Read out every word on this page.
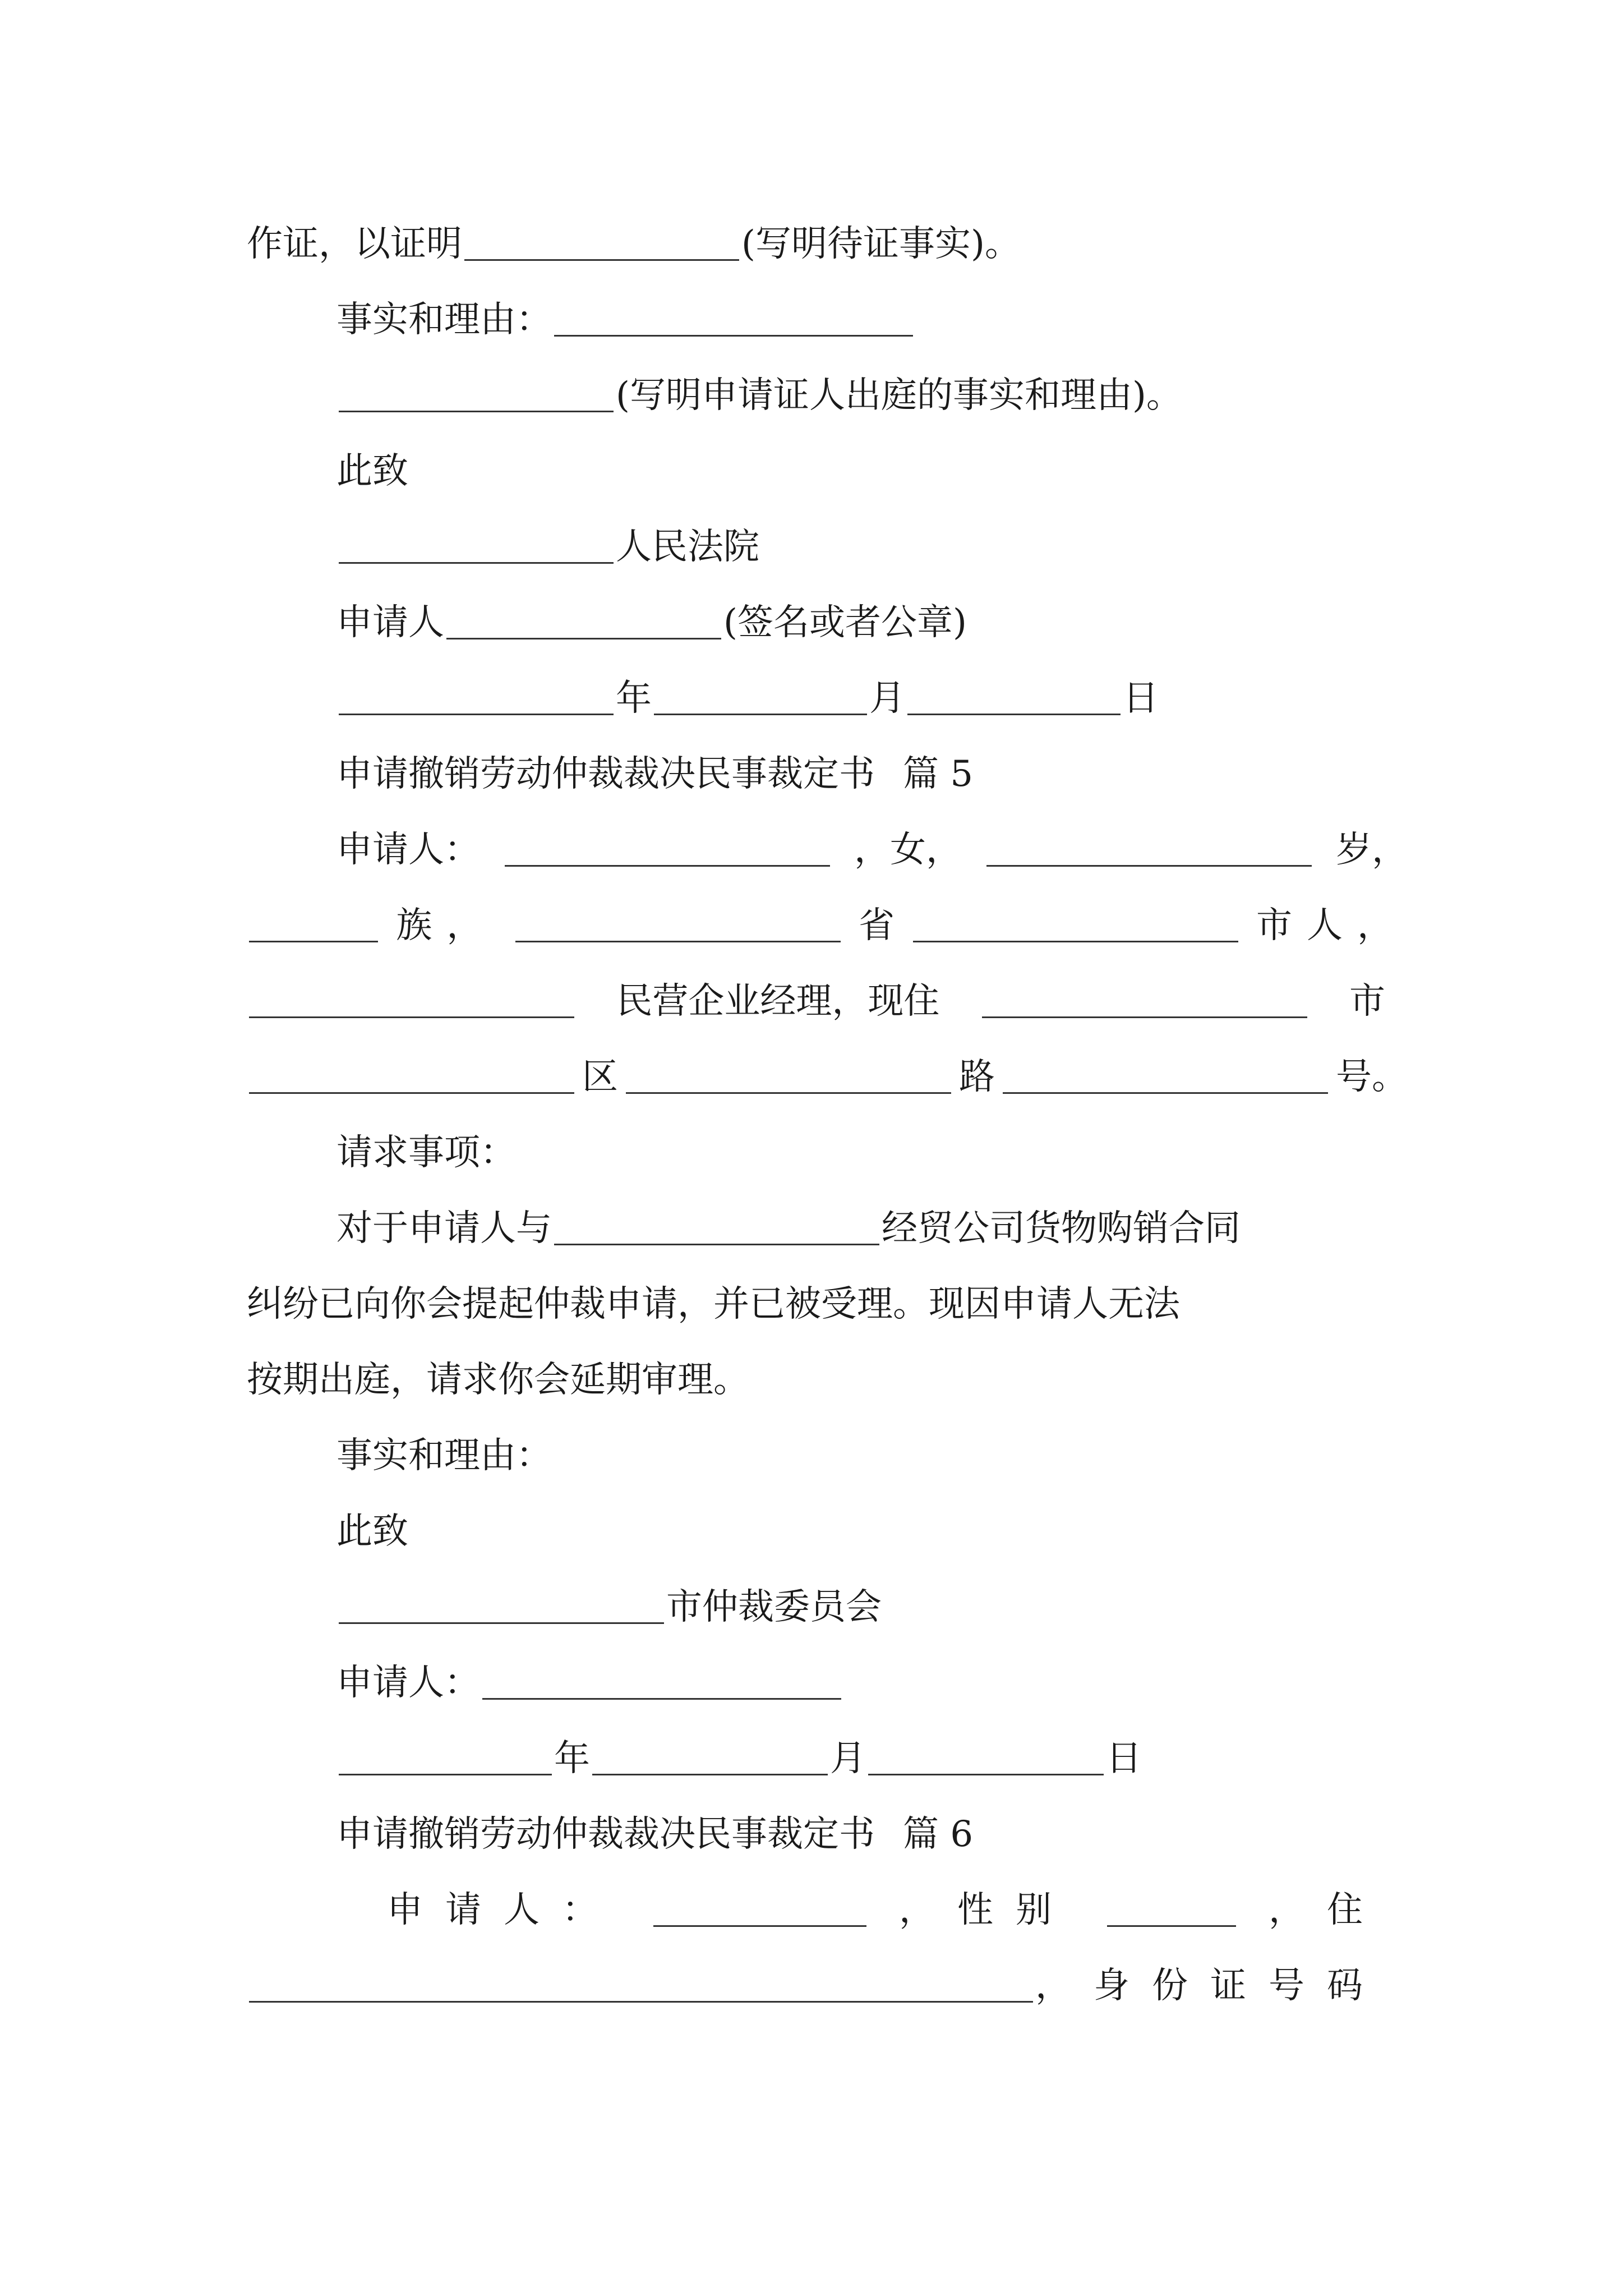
作证，以证明	(写明待证事实)。
事实和理由：
(写明申请证人出庭的事实和理由)。
此致
人民法院
申请人	(签名或者公章)
年	月	日
申请撤销劳动仲裁裁决民事裁定书 篇 5
申请人：	，女，	岁，
族，	省	市人，
民营企业经理，现住	市
区	路	号。
请求事项：
对于申请人与	经贸公司货物购销合同
纠纷已向你会提起仲裁申请，并已被受理。现因申请人无法
按期出庭，请求你会延期审理。
事实和理由：
此致
市仲裁委员会
申请人：
年	月	日
申请撤销劳动仲裁裁决民事裁定书 篇 6
申请人：	，性别	，住
，身份证号码
